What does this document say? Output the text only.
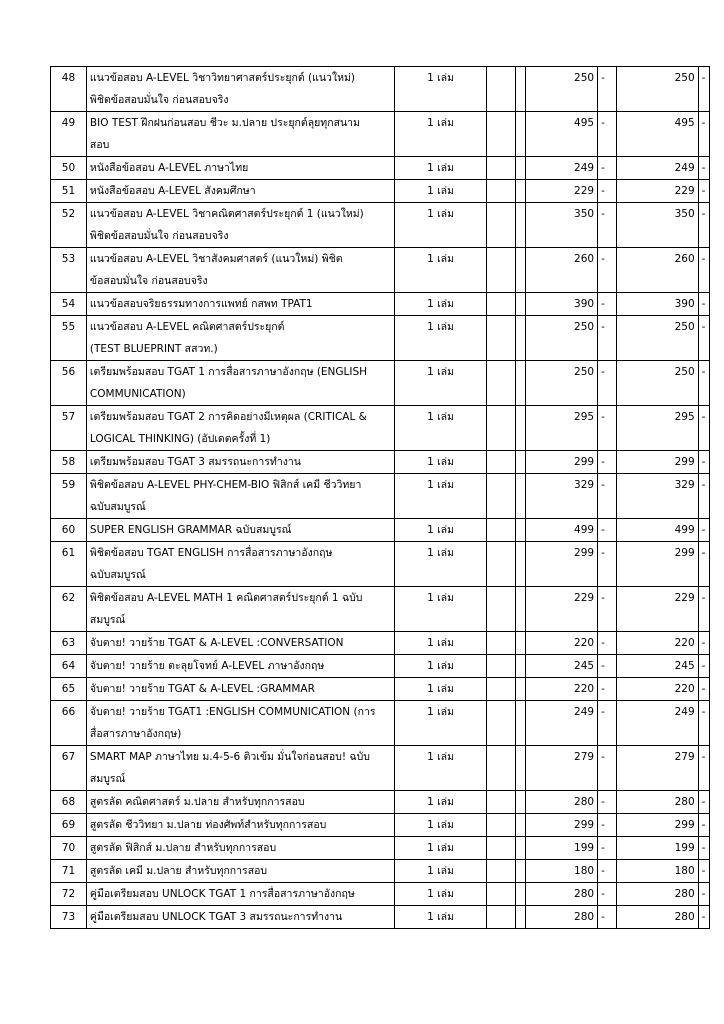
48	แนวข้อสอบ A-LEVEL วิชาวิทยาศาสตร์ประยุกต์ (แนวใหม่)
พิชิตข้อสอบมั่นใจ ก่อนสอบจริง	1 เล่ม			250	-	250	-
49	BIO TEST ฝึกฝนก่อนสอบ ชีวะ ม.ปลาย ประยุกต์ลุยทุกสนาม
สอบ	1 เล่ม			495	-	495	-
50	หนังสือข้อสอบ A-LEVEL ภาษาไทย	1 เล่ม			249	-	249	-
51	หนังสือข้อสอบ A-LEVEL สังคมศึกษา	1 เล่ม			229	-	229	-
52	แนวข้อสอบ A-LEVEL วิชาคณิตศาสตร์ประยุกต์ 1 (แนวใหม่)
พิชิตข้อสอบมั่นใจ ก่อนสอบจริง	1 เล่ม			350	-	350	-
53	แนวข้อสอบ A-LEVEL วิชาสังคมศาสตร์ (แนวใหม่) พิชิต
ข้อสอบมั่นใจ ก่อนสอบจริง	1 เล่ม			260	-	260	-
54	แนวข้อสอบจริยธรรมทางการแพทย์ กสพท TPAT1	1 เล่ม			390	-	390	-
55	แนวข้อสอบ A-LEVEL คณิตศาสตร์ประยุกต์
(TEST BLUEPRINT สสวท.)	1 เล่ม			250	-	250	-
56	เตรียมพร้อมสอบ TGAT 1 การสื่อสารภาษาอังกฤษ (ENGLISH
COMMUNICATION)	1 เล่ม			250	-	250	-
57	เตรียมพร้อมสอบ TGAT 2 การคิดอย่างมีเหตุผล (CRITICAL &
LOGICAL THINKING) (อัปเดตครั้งที่ 1)	1 เล่ม			295	-	295	-
58	เตรียมพร้อมสอบ TGAT 3 สมรรถนะการทำงาน	1 เล่ม			299	-	299	-
59	พิชิตข้อสอบ A-LEVEL PHY-CHEM-BIO ฟิสิกส์ เคมี ชีววิทยา
ฉบับสมบูรณ์	1 เล่ม			329	-	329	-
60	SUPER ENGLISH GRAMMAR ฉบับสมบูรณ์	1 เล่ม			499	-	499	-
61	พิชิตข้อสอบ TGAT ENGLISH การสื่อสารภาษาอังกฤษ
ฉบับสมบูรณ์	1 เล่ม			299	-	299	-
62	พิชิตข้อสอบ A-LEVEL MATH 1 คณิตศาสตร์ประยุกต์ 1 ฉบับ
สมบูรณ์	1 เล่ม			229	-	229	-
63	จับตาย! วายร้าย TGAT & A-LEVEL :CONVERSATION	1 เล่ม			220	-	220	-
64	จับตาย! วายร้าย ตะลุยโจทย์ A-LEVEL ภาษาอังกฤษ	1 เล่ม			245	-	245	-
65	จับตาย! วายร้าย TGAT & A-LEVEL :GRAMMAR	1 เล่ม			220	-	220	-
66	จับตาย! วายร้าย TGAT1 :ENGLISH COMMUNICATION (การ
สื่อสารภาษาอังกฤษ)	1 เล่ม			249	-	249	-
67	SMART MAP ภาษาไทย ม.4-5-6 ติวเข้ม มั่นใจก่อนสอบ! ฉบับ
สมบูรณ์	1 เล่ม			279	-	279	-
68	สูตรลัด คณิตศาสตร์ ม.ปลาย สำหรับทุกการสอบ	1 เล่ม			280	-	280	-
69	สูตรลัด ชีววิทยา ม.ปลาย ท่องศัพท์สำหรับทุกการสอบ	1 เล่ม			299	-	299	-
70	สูตรลัด ฟิสิกส์ ม.ปลาย สำหรับทุกการสอบ	1 เล่ม			199	-	199	-
71	สูตรลัด เคมี ม.ปลาย สำหรับทุกการสอบ	1 เล่ม			180	-	180	-
72	คู่มือเตรียมสอบ UNLOCK TGAT 1 การสื่อสารภาษาอังกฤษ	1 เล่ม			280	-	280	-
73	คู่มือเตรียมสอบ UNLOCK TGAT 3 สมรรถนะการทำงาน	1 เล่ม			280	-	280	-
